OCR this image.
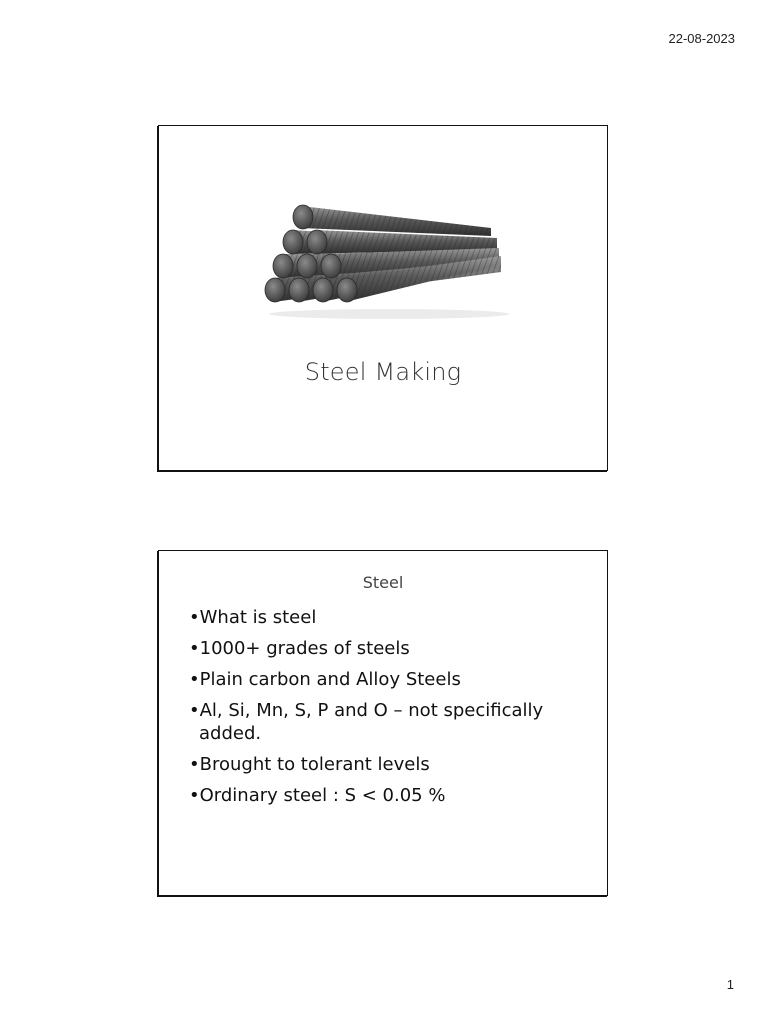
22-08-2023
Steel Making
Steel
•What is steel
•1000+ grades of steels
•Plain carbon and Alloy Steels
•Al, Si, Mn, S, P and O – not specifically added.
•Brought to tolerant levels
•Ordinary steel : S < 0.05 %
1
